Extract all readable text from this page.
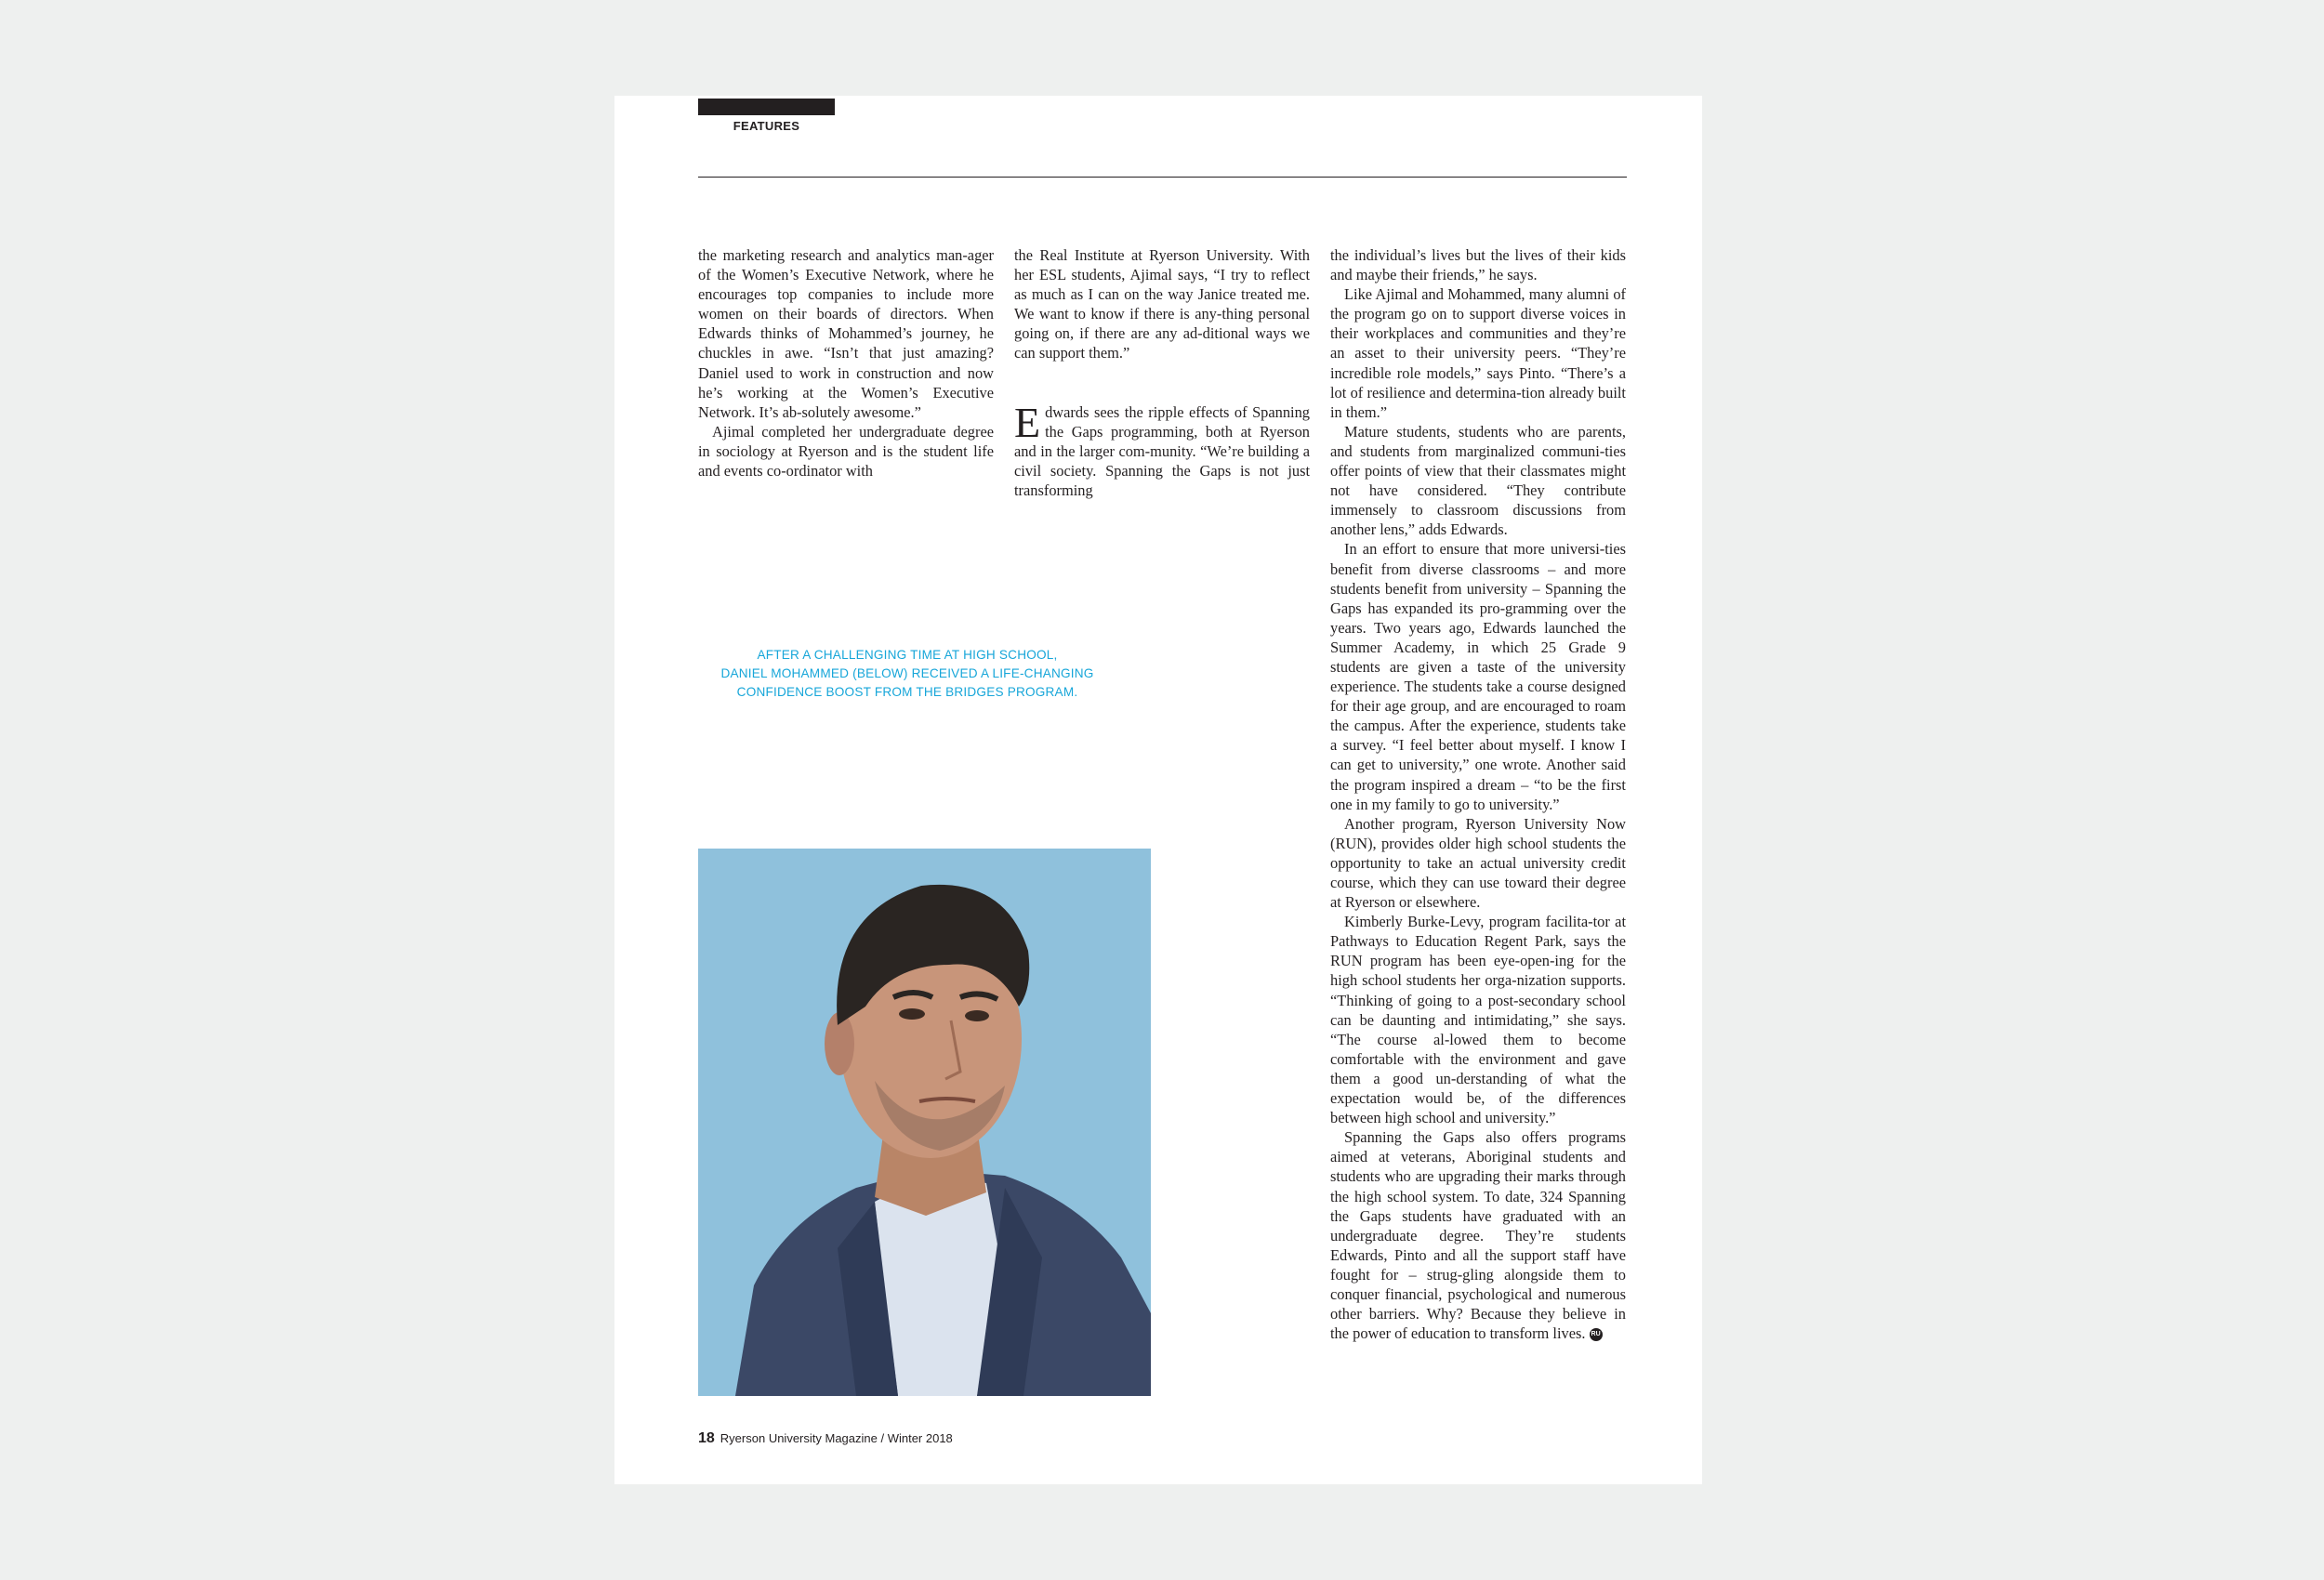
FEATURES

the marketing research and analytics man-ager of the Women’s Executive Network, where he encourages top companies to include more women on their boards of directors. When Edwards thinks of Mohammed’s journey, he chuckles in awe. “Isn’t that just amazing? Daniel used to work in construction and now he’s working at the Women’s Executive Network. It’s ab-solutely awesome.”

Ajimal completed her undergraduate degree in sociology at Ryerson and is the student life and events co-ordinator with

the Real Institute at Ryerson University. With her ESL students, Ajimal says, “I try to reflect as much as I can on the way Janice treated me. We want to know if there is any-thing personal going on, if there are any ad-ditional ways we can support them.”

Edwards sees the ripple effects of Spanning the Gaps programming, both at Ryerson and in the larger com-munity. “We’re building a civil society. Spanning the Gaps is not just transforming

the individual’s lives but the lives of their kids and maybe their friends,” he says.

Like Ajimal and Mohammed, many alumni of the program go on to support diverse voices in their workplaces and communities and they’re an asset to their university peers. “They’re incredible role models,” says Pinto. “There’s a lot of resilience and determina-tion already built in them.”

Mature students, students who are parents, and students from marginalized communi-ties offer points of view that their classmates might not have considered. “They contribute immensely to classroom discussions from another lens,” adds Edwards.

In an effort to ensure that more universi-ties benefit from diverse classrooms – and more students benefit from university – Spanning the Gaps has expanded its pro-gramming over the years. Two years ago, Edwards launched the Summer Academy, in which 25 Grade 9 students are given a taste of the university experience. The students take a course designed for their age group, and are encouraged to roam the campus. After the experience, students take a survey. “I feel better about myself. I know I can get to university,” one wrote. Another said the program inspired a dream – “to be the first one in my family to go to university.”

Another program, Ryerson University Now (RUN), provides older high school students the opportunity to take an actual university credit course, which they can use toward their degree at Ryerson or elsewhere.

Kimberly Burke-Levy, program facilita-tor at Pathways to Education Regent Park, says the RUN program has been eye-open-ing for the high school students her orga-nization supports. “Thinking of going to a post-secondary school can be daunting and intimidating,” she says. “The course al-lowed them to become comfortable with the environment and gave them a good un-derstanding of what the expectation would be, of the differences between high school and university.”

Spanning the Gaps also offers programs aimed at veterans, Aboriginal students and students who are upgrading their marks through the high school system. To date, 324 Spanning the Gaps students have graduated with an undergraduate degree. They’re students Edwards, Pinto and all the support staff have fought for – strug-gling alongside them to conquer financial, psychological and numerous other barriers. Why? Because they believe in the power of education to transform lives. RU

AFTER A CHALLENGING TIME AT HIGH SCHOOL,
DANIEL MOHAMMED (BELOW) RECEIVED A LIFE-CHANGING
CONFIDENCE BOOST FROM THE BRIDGES PROGRAM.
18 Ryerson University Magazine / Winter 2018
